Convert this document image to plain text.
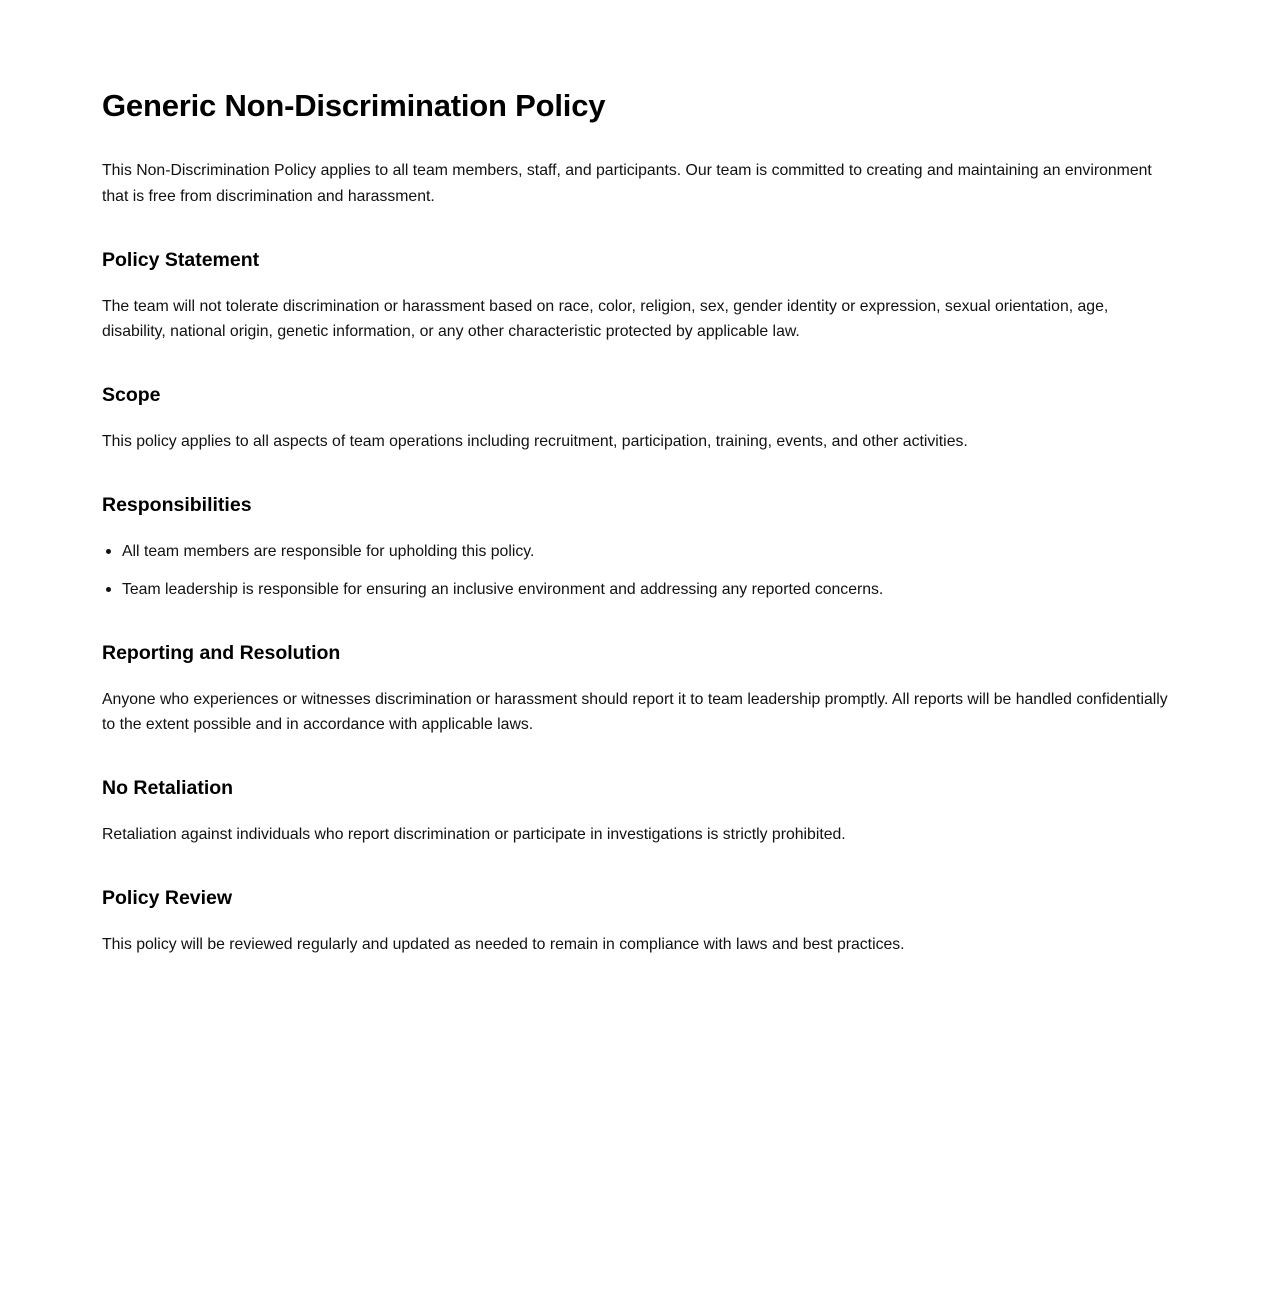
Generic Non-Discrimination Policy

This Non-Discrimination Policy applies to all team members, staff, and participants. Our team is committed to creating and maintaining an environment that is free from discrimination and harassment.

Policy Statement

The team will not tolerate discrimination or harassment based on race, color, religion, sex, gender identity or expression, sexual orientation, age, disability, national origin, genetic information, or any other characteristic protected by applicable law.

Scope

This policy applies to all aspects of team operations including recruitment, participation, training, events, and other activities.

Responsibilities
All team members are responsible for upholding this policy.
Team leadership is responsible for ensuring an inclusive environment and addressing any reported concerns.
Reporting and Resolution

Anyone who experiences or witnesses discrimination or harassment should report it to team leadership promptly. All reports will be handled confidentially to the extent possible and in accordance with applicable laws.

No Retaliation

Retaliation against individuals who report discrimination or participate in investigations is strictly prohibited.

Policy Review

This policy will be reviewed regularly and updated as needed to remain in compliance with laws and best practices.
